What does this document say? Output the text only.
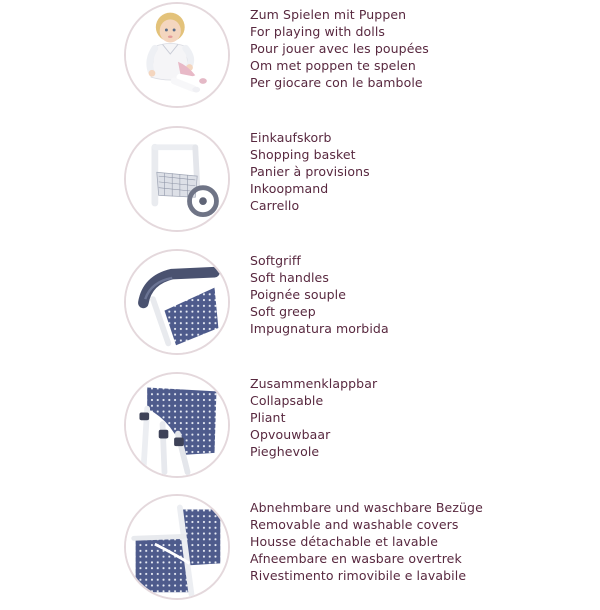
Zum Spielen mit Puppen
For playing with dolls
Pour jouer avec les poupées
Om met poppen te spelen
Per giocare con le bambole
Einkaufskorb
Shopping basket
Panier à provisions
Inkoopmand
Carrello
Softgriff
Soft handles
Poignée souple
Soft greep
Impugnatura morbida
Zusammenklappbar
Collapsable
Pliant
Opvouwbaar
Pieghevole
Abnehmbare und waschbare Bezüge
Removable and washable covers
Housse détachable et lavable
Afneembare en wasbare overtrek
Rivestimento rimovibile e lavabile
